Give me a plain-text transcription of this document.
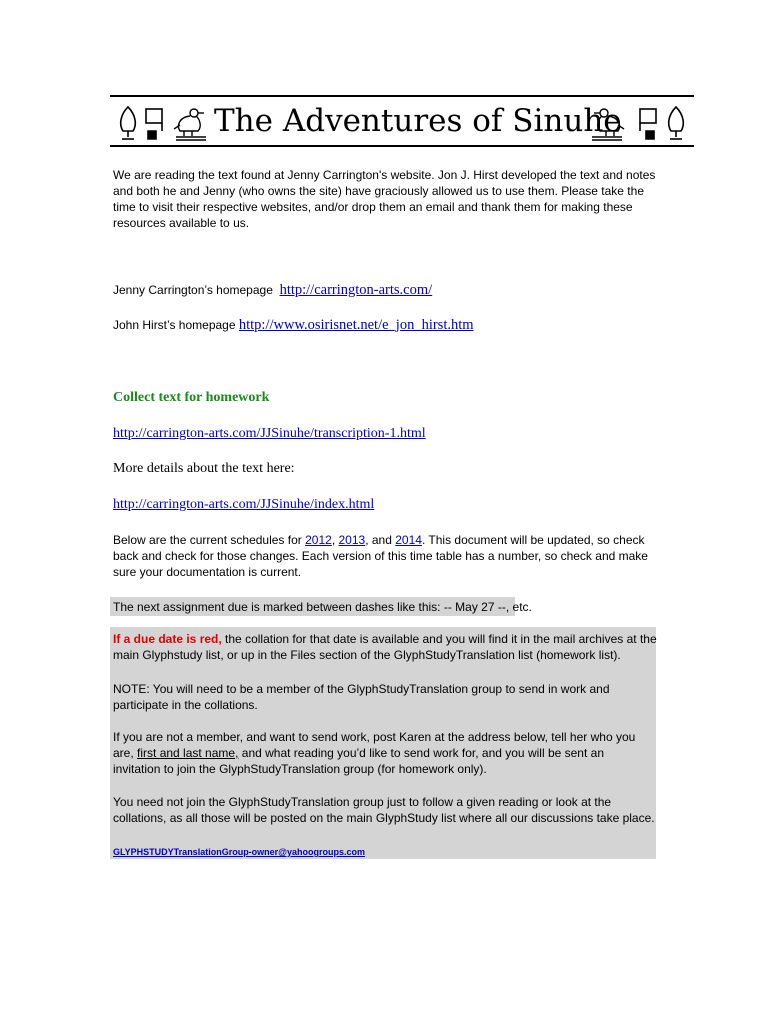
The Adventures of Sinuhe
We are reading the text found at Jenny Carrington's website. Jon J. Hirst developed the text and notes and both he and Jenny (who owns the site) have graciously allowed us to use them. Please take the time to visit their respective websites, and/or drop them an email and thank them for making these resources available to us.
Jenny Carrington’s homepage http://carrington-arts.com/
John Hirst’s homepage http://www.osirisnet.net/e_jon_hirst.htm
Collect text for homework
http://carrington-arts.com/JJSinuhe/transcription-1.html
More details about the text here:
http://carrington-arts.com/JJSinuhe/index.html
Below are the current schedules for 2012, 2013, and 2014. This document will be updated, so check back and check for those changes. Each version of this time table has a number, so check and make sure your documentation is current.
The next assignment due is marked between dashes like this: -- May 27 --, etc.
If a due date is red, the collation for that date is available and you will find it in the mail archives at the main Glyphstudy list, or up in the Files section of the GlyphStudyTranslation list (homework list).
NOTE: You will need to be a member of the GlyphStudyTranslation group to send in work and participate in the collations.
If you are not a member, and want to send work, post Karen at the address below, tell her who you are, first and last name, and what reading you’d like to send work for, and you will be sent an invitation to join the GlyphStudyTranslation group (for homework only).
You need not join the GlyphStudyTranslation group just to follow a given reading or look at the collations, as all those will be posted on the main GlyphStudy list where all our discussions take place.
GLYPHSTUDYTranslationGroup-owner@yahoogroups.com
